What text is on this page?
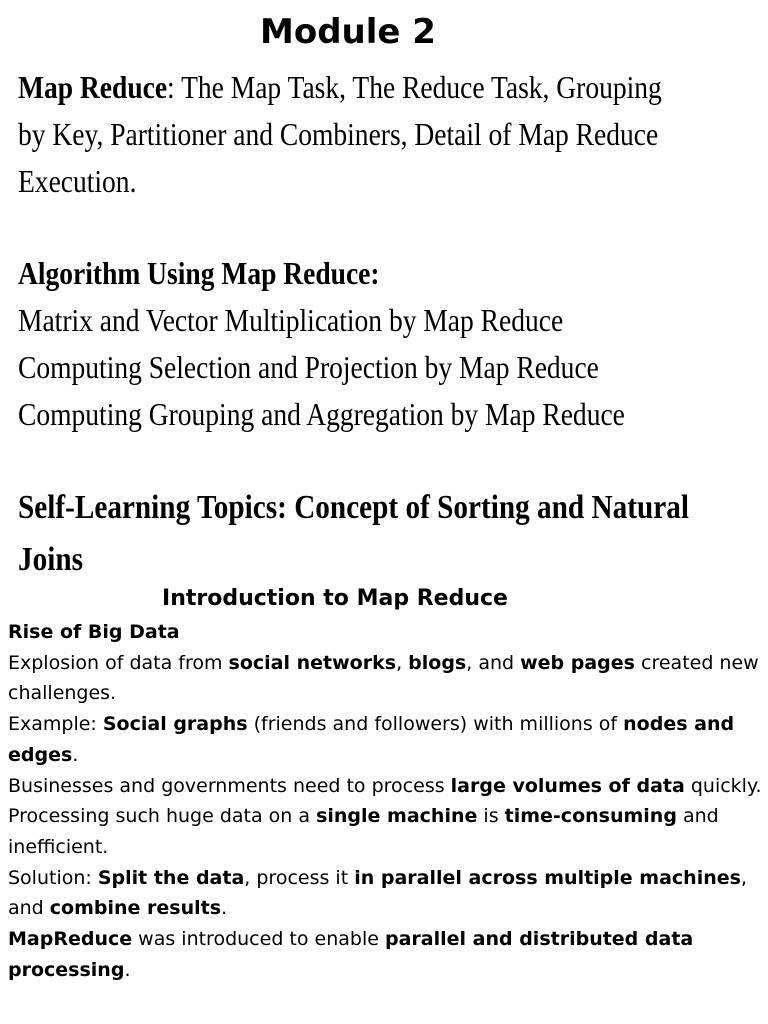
Module 2
Map Reduce: The Map Task, The Reduce Task, Grouping
by Key, Partitioner and Combiners, Detail of Map Reduce
Execution.
Algorithm Using Map Reduce:
Matrix and Vector Multiplication by Map Reduce
Computing Selection and Projection by Map Reduce
Computing Grouping and Aggregation by Map Reduce
Self-Learning Topics: Concept of Sorting and Natural
Joins
Introduction to Map Reduce

Rise of Big Data

Explosion of data from social networks, blogs, and web pages created new challenges.

Example: Social graphs (friends and followers) with millions of nodes and edges.

Businesses and governments need to process large volumes of data quickly.

Processing such huge data on a single machine is time-consuming and inefficient.

Solution: Split the data, process it in parallel across multiple machines, and combine results.

MapReduce was introduced to enable parallel and distributed data processing.
